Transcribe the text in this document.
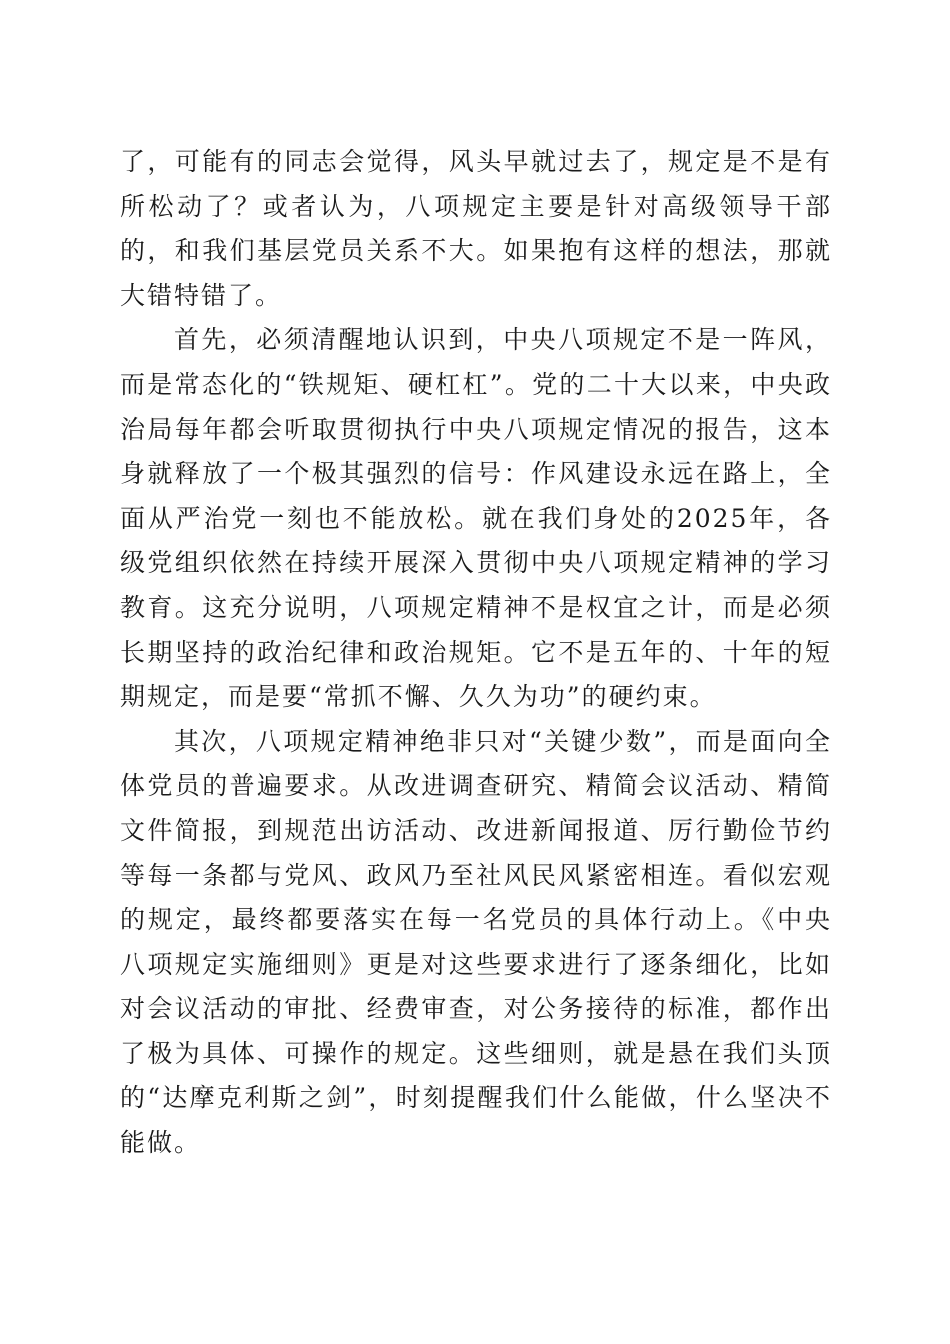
了，可能有的同志会觉得，风头早就过去了，规定是不是有所松动了？或者认为，八项规定主要是针对高级领导干部的，和我们基层党员关系不大。如果抱有这样的想法，那就大错特错了。

首先，必须清醒地认识到，中央八项规定不是一阵风，而是常态化的“铁规矩、硬杠杠”。党的二十大以来，中央政治局每年都会听取贯彻执行中央八项规定情况的报告，这本身就释放了一个极其强烈的信号：作风建设永远在路上，全面从严治党一刻也不能放松。就在我们身处的2025年，各级党组织依然在持续开展深入贯彻中央八项规定精神的学习教育。这充分说明，八项规定精神不是权宜之计，而是必须长期坚持的政治纪律和政治规矩。它不是五年的、十年的短期规定，而是要“常抓不懈、久久为功”的硬约束。

其次，八项规定精神绝非只对“关键少数”，而是面向全体党员的普遍要求。从改进调查研究、精简会议活动、精简文件简报，到规范出访活动、改进新闻报道、厉行勤俭节约等每一条都与党风、政风乃至社风民风紧密相连。看似宏观的规定，最终都要落实在每一名党员的具体行动上。《中央八项规定实施细则》更是对这些要求进行了逐条细化，比如对会议活动的审批、经费审查，对公务接待的标准，都作出了极为具体、可操作的规定。这些细则，就是悬在我们头顶的“达摩克利斯之剑”，时刻提醒我们什么能做，什么坚决不能做。
